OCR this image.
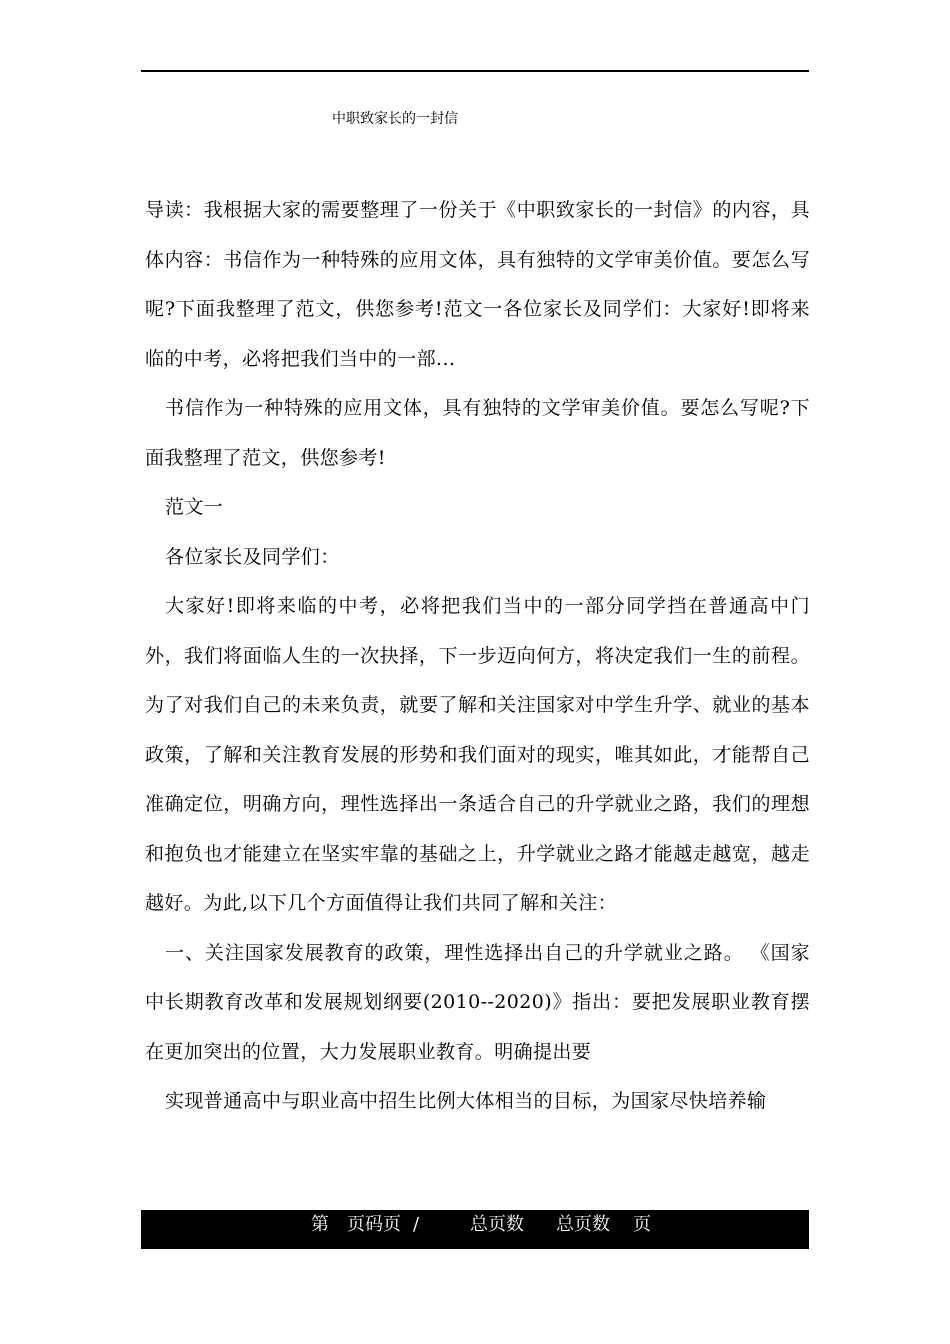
中职致家长的一封信

导读：我根据大家的需要整理了一份关于《中职致家长的一封信》的内容，具体内容：书信作为一种特殊的应用文体，具有独特的文学审美价值。要怎么写呢?下面我整理了范文，供您参考!范文一各位家长及同学们：大家好!即将来临的中考，必将把我们当中的一部...

书信作为一种特殊的应用文体，具有独特的文学审美价值。要怎么写呢?下面我整理了范文，供您参考!

范文一

各位家长及同学们：

大家好!即将来临的中考，必将把我们当中的一部分同学挡在普通高中门外，我们将面临人生的一次抉择，下一步迈向何方，将决定我们一生的前程。为了对我们自己的未来负责，就要了解和关注国家对中学生升学、就业的基本政策，了解和关注教育发展的形势和我们面对的现实，唯其如此，才能帮自己准确定位，明确方向，理性选择出一条适合自己的升学就业之路，我们的理想和抱负也才能建立在坚实牢靠的基础之上，升学就业之路才能越走越宽，越走越好。为此,以下几个方面值得让我们共同了解和关注：

一、关注国家发展教育的政策，理性选择出自己的升学就业之路。 《国家中长期教育改革和发展规划纲要(2010--2020)》指出：要把发展职业教育摆在更加突出的位置，大力发展职业教育。明确提出要

实现普通高中与职业高中招生比例大体相当的目标，为国家尽快培养输

第 页码页 /	总页数 总页数 页
